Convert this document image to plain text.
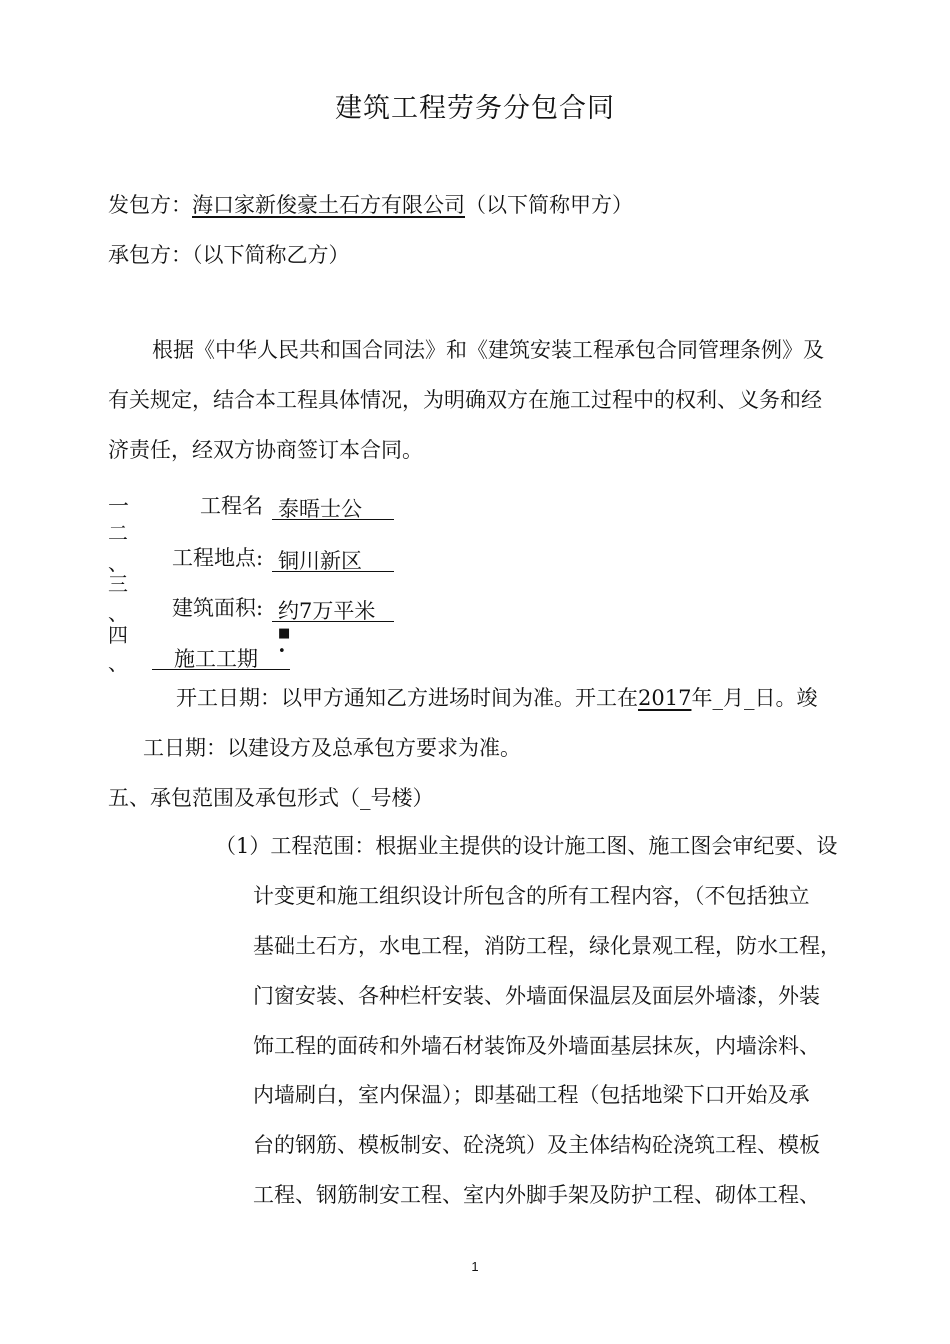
建筑工程劳务分包合同
发包方：海口家新俊豪土石方有限公司（以下简称甲方）
承包方：（以下简称乙方）
根据《中华人民共和国合同法》和《建筑安装工程承包合同管理条例》及
有关规定，结合本工程具体情况，为明确双方在施工过程中的权利、义务和经
济责任，经双方协商签订本合同。
一	工程名 泰晤士公
二
、 工程地点: 铜川新区
三
、 建筑面积: 约7万平米
四
、	施工工期
■
•
开工日期：以甲方通知乙方进场时间为准。开工在2017年_月_日。竣
工日期：以建设方及总承包方要求为准。
五、承包范围及承包形式（_号楼）
（1）工程范围：根据业主提供的设计施工图、施工图会审纪要、设
计变更和施工组织设计所包含的所有工程内容，（不包括独立
基础土石方，水电工程，消防工程，绿化景观工程，防水工程，
门窗安装、各种栏杆安装、外墙面保温层及面层外墙漆，外装
饰工程的面砖和外墙石材装饰及外墙面基层抹灰，内墙涂料、
内墙刷白，室内保温）；即基础工程（包括地梁下口开始及承
台的钢筋、模板制安、砼浇筑）及主体结构砼浇筑工程、模板
工程、钢筋制安工程、室内外脚手架及防护工程、砌体工程、
1
